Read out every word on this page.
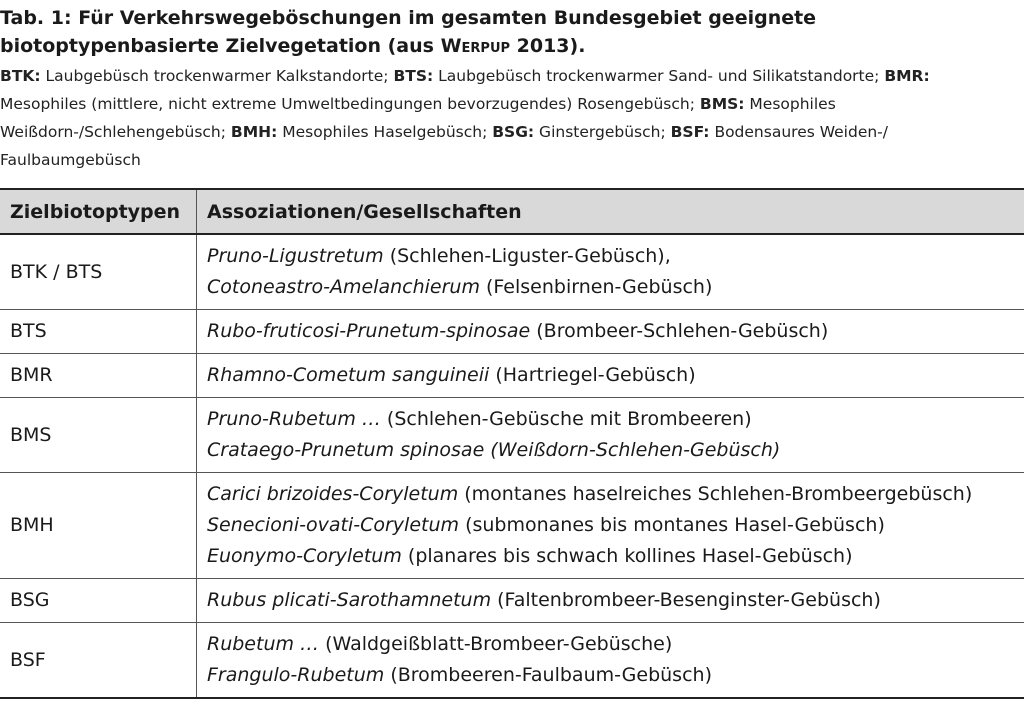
Tab. 1: Für Verkehrswegeböschungen im gesamten Bundesgebiet geeignete biotoptypenbasierte Zielvegetation (aus Werpup 2013).

BTK: Laubgebüsch trockenwarmer Kalkstandorte; BTS: Laubgebüsch trockenwarmer Sand- und Silikatstandorte; BMR: Mesophiles (mittlere, nicht extreme Umweltbedingungen bevorzugendes) Rosengebüsch; BMS: Mesophiles Weißdorn-/Schlehengebüsch; BMH: Mesophiles Haselgebüsch; BSG: Ginstergebüsch; BSF: Bodensaures Weiden-/ Faulbaumgebüsch

Zielbiotoptypen	Assoziationen/Gesellschaften
BTK / BTS	Pruno-Ligustretum (Schlehen-Liguster-Gebüsch),
Cotoneastro-Amelanchierum (Felsenbirnen-Gebüsch)

BTS	Rubo-fruticosi-Prunetum-spinosae (Brombeer-Schlehen-Gebüsch)

BMR	Rhamno-Cometum sanguineii (Hartriegel-Gebüsch)

BMS	Pruno-Rubetum … (Schlehen-Gebüsche mit Brombeeren)
Crataego-Prunetum spinosae (Weißdorn-Schlehen-Gebüsch)

BMH	Carici brizoides-Coryletum (montanes haselreiches Schlehen-Brombeergebüsch)
Senecioni-ovati-Coryletum (submonanes bis montanes Hasel-Gebüsch)
Euonymo-Coryletum (planares bis schwach kollines Hasel-Gebüsch)

BSG	Rubus plicati-Sarothamnetum (Faltenbrombeer-Besenginster-Gebüsch)

BSF	Rubetum … (Waldgeißblatt-Brombeer-Gebüsche)
Frangulo-Rubetum (Brombeeren-Faulbaum-Gebüsch)
